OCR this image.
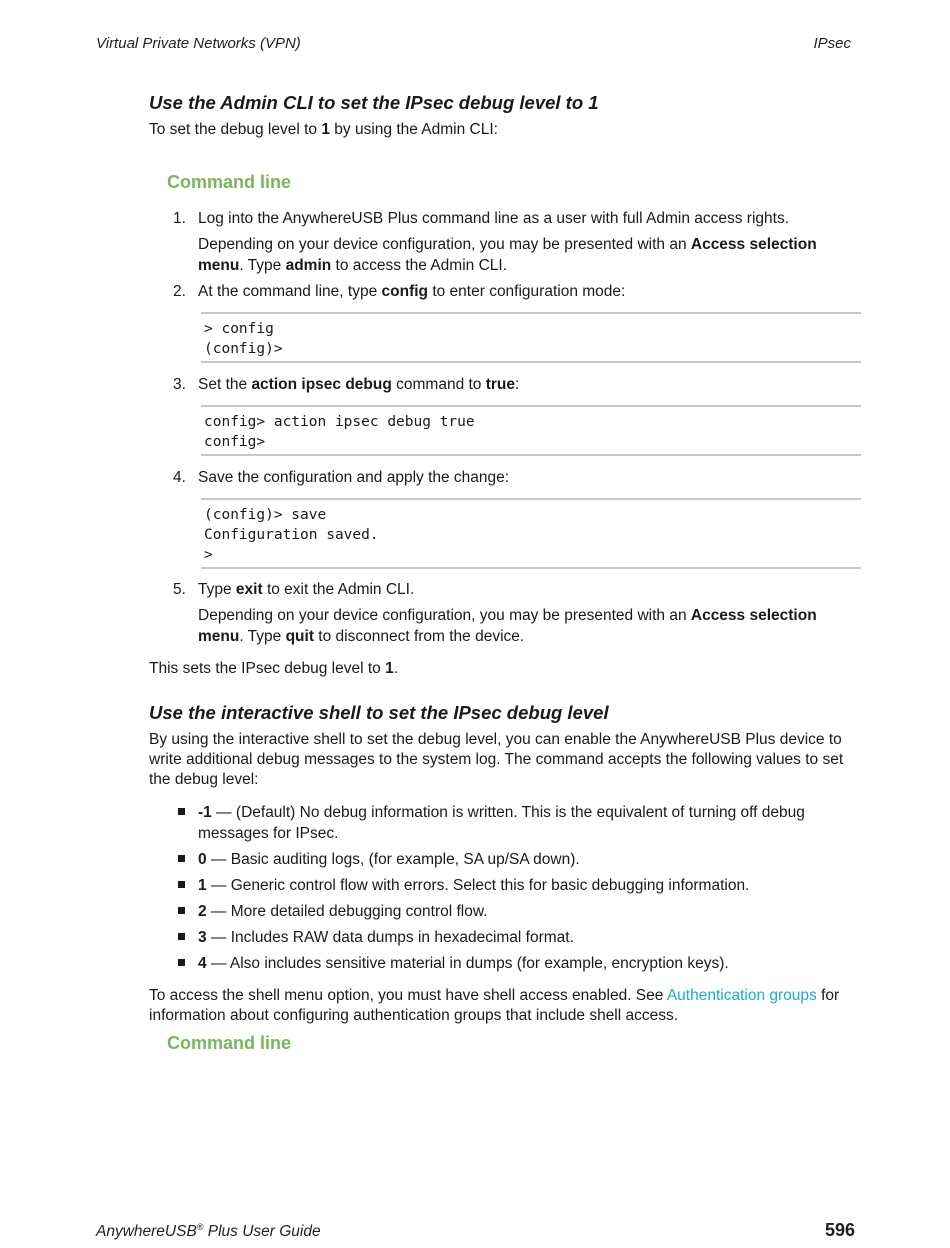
Virtual Private Networks (VPN)	IPsec
Use the Admin CLI to set the IPsec debug level to 1
To set the debug level to 1 by using the Admin CLI:
Command line
1. Log into the AnywhereUSB Plus command line as a user with full Admin access rights.
Depending on your device configuration, you may be presented with an Access selection menu. Type admin to access the Admin CLI.
2. At the command line, type config to enter configuration mode:
> config
(config)>
3. Set the action ipsec debug command to true:
config> action ipsec debug true
config>
4. Save the configuration and apply the change:
(config)> save
Configuration saved.
>
5. Type exit to exit the Admin CLI.
Depending on your device configuration, you may be presented with an Access selection menu. Type quit to disconnect from the device.
This sets the IPsec debug level to 1.
Use the interactive shell to set the IPsec debug level
By using the interactive shell to set the debug level, you can enable the AnywhereUSB Plus device to write additional debug messages to the system log. The command accepts the following values to set the debug level:
-1 — (Default) No debug information is written. This is the equivalent of turning off debug messages for IPsec.
0 — Basic auditing logs, (for example, SA up/SA down).
1 — Generic control flow with errors. Select this for basic debugging information.
2 — More detailed debugging control flow.
3 — Includes RAW data dumps in hexadecimal format.
4 — Also includes sensitive material in dumps (for example, encryption keys).
To access the shell menu option, you must have shell access enabled. See Authentication groups for information about configuring authentication groups that include shell access.
Command line
AnywhereUSB® Plus User Guide	596
